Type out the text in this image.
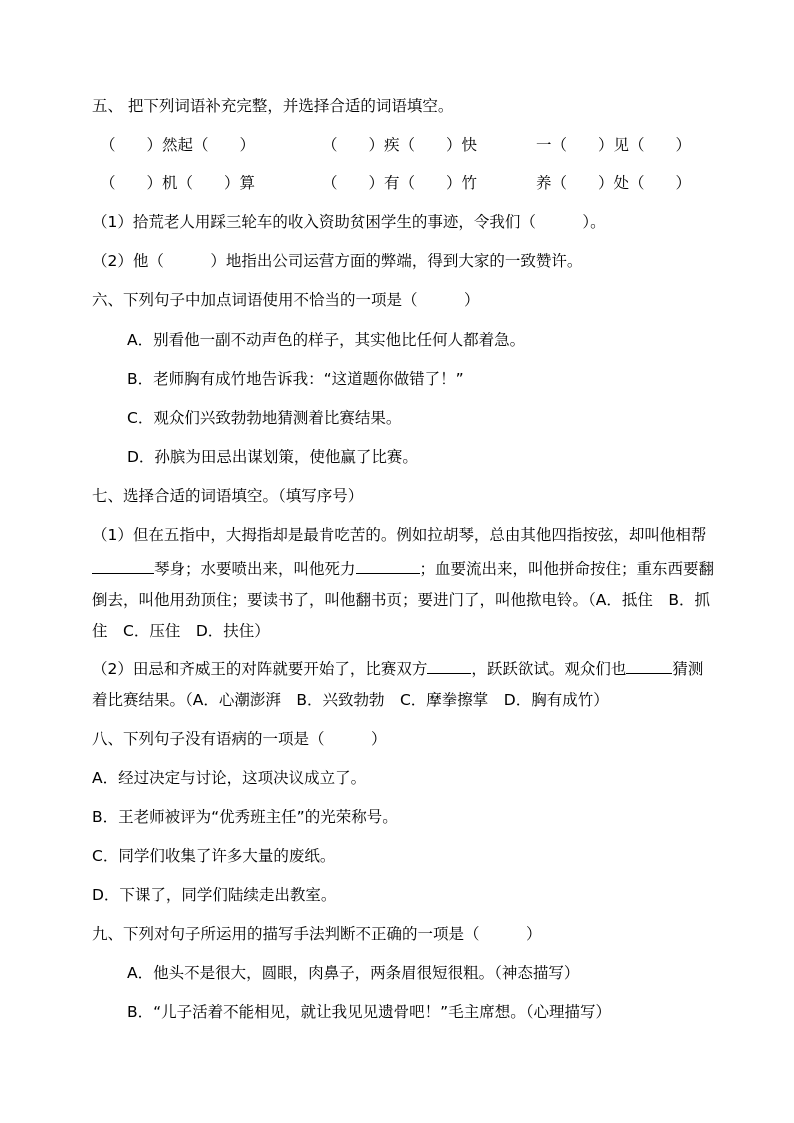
五、 把下列词语补充完整，并选择合适的词语填空。
（　　）然起（　　）	（　　）疾（　　）快	一（　　）见（　　）
（　　）机（　　）算	（　　）有（　　）竹	养（　　）处（　　）
（1）拾荒老人用踩三轮车的收入资助贫困学生的事迹，令我们（　　　）。
（2）他（　　　）地指出公司运营方面的弊端，得到大家的一致赞许。
六、下列句子中加点词语使用不恰当的一项是（　　　）
A．别看他一副不动声色的样子，其实他比任何人都着急。
B．老师胸有成竹地告诉我：“这道题你做错了！”
C．观众们兴致勃勃地猜测着比赛结果。
D．孙膑为田忌出谋划策，使他赢了比赛。
七、选择合适的词语填空。（填写序号）
（1）但在五指中，大拇指却是最肯吃苦的。例如拉胡琴，总由其他四指按弦，却叫他相帮
琴身；水要喷出来，叫他死力	；血要流出来，叫他拼命按住；重东西要翻
倒去，叫他用劲顶住；要读书了，叫他翻书页；要进门了，叫他揿电铃。（A．抵住　B．抓
住　C．压住　D．扶住）
（2）田忌和齐威王的对阵就要开始了，比赛双方	，跃跃欲试。观众们也	猜测
着比赛结果。（A．心潮澎湃　B．兴致勃勃　C．摩拳擦掌　D．胸有成竹）
八、下列句子没有语病的一项是（　　　）
A．经过决定与讨论，这项决议成立了。
B．王老师被评为“优秀班主任”的光荣称号。
C．同学们收集了许多大量的废纸。
D．下课了，同学们陆续走出教室。
九、下列对句子所运用的描写手法判断不正确的一项是（　　　）
A．他头不是很大，圆眼，肉鼻子，两条眉很短很粗。（神态描写）
B．“儿子活着不能相见，就让我见见遗骨吧！”毛主席想。（心理描写）
